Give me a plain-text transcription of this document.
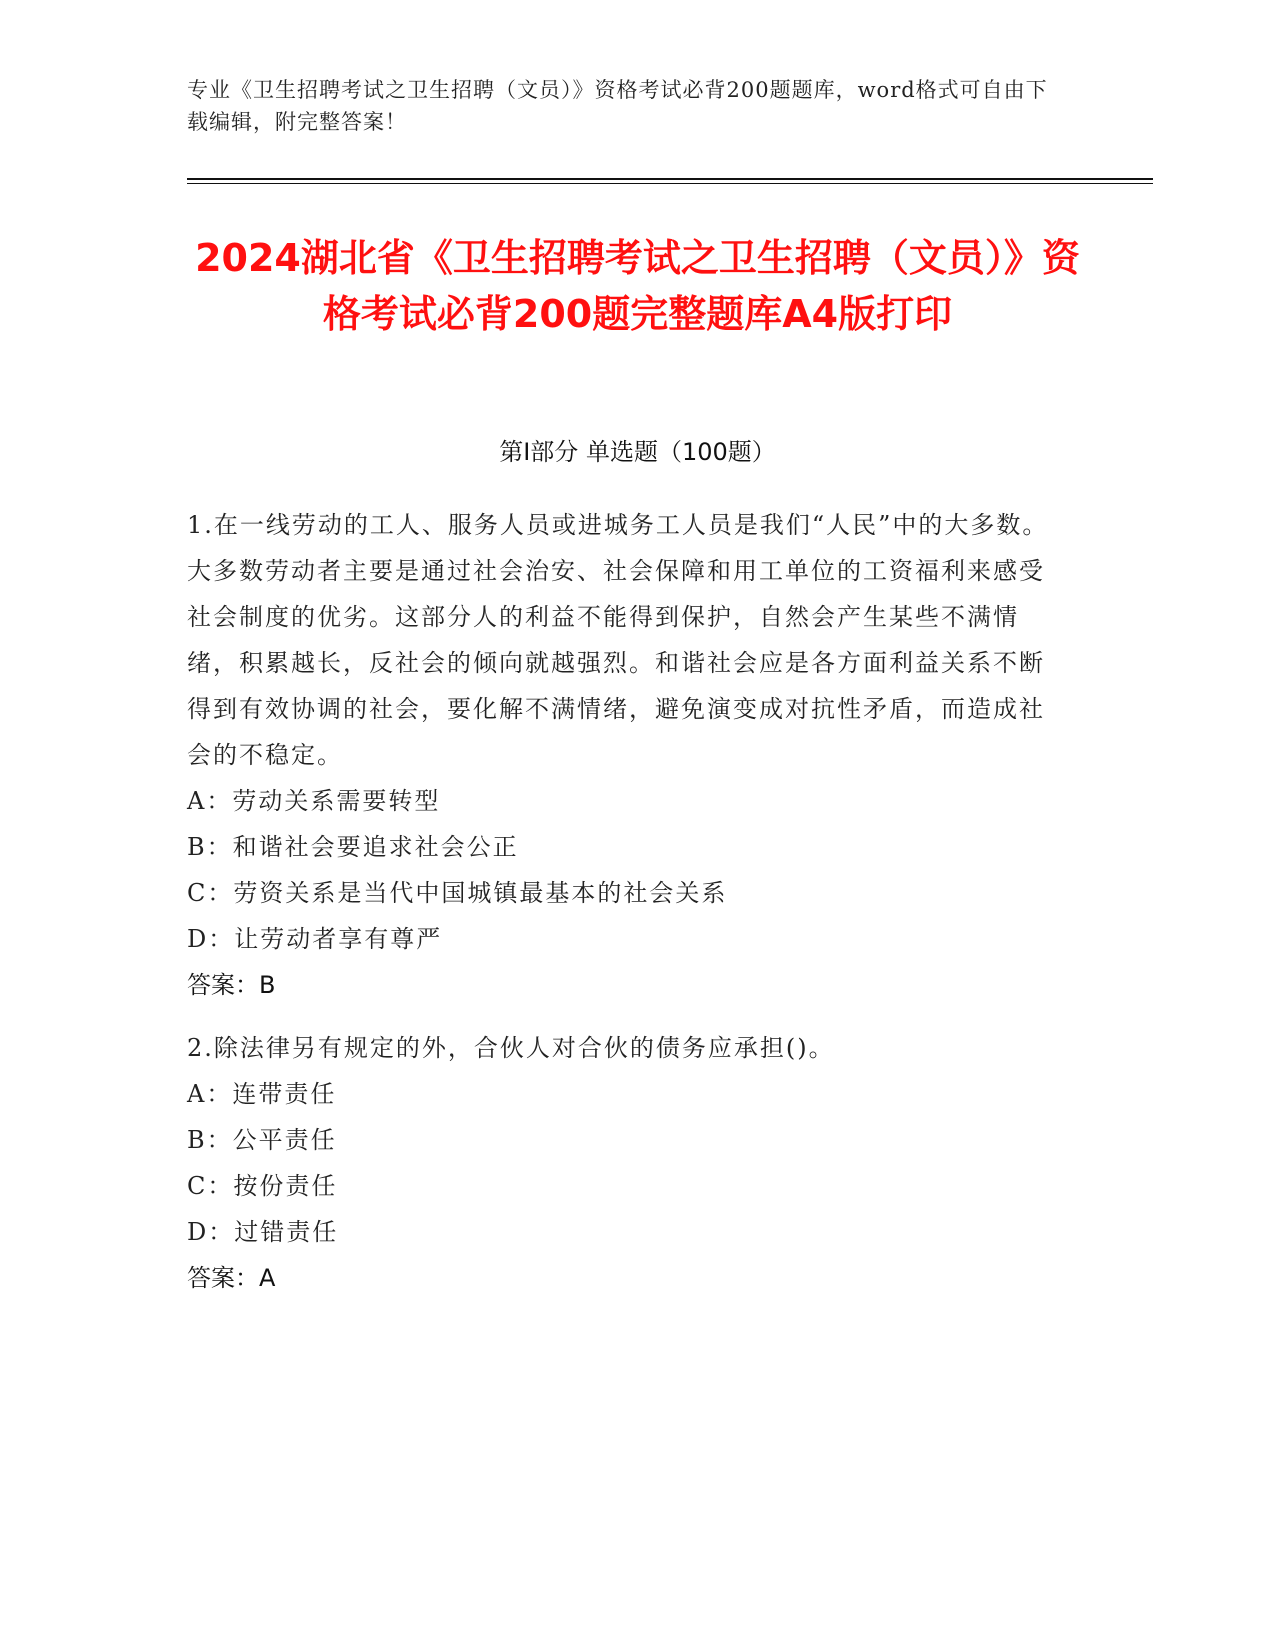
专业《卫生招聘考试之卫生招聘（文员）》资格考试必背200题题库，word格式可自由下载编辑，附完整答案！
2024湖北省《卫生招聘考试之卫生招聘（文员）》资格考试必背200题完整题库A4版打印
第Ⅰ部分 单选题（100题）

1.在一线劳动的工人、服务人员或进城务工人员是我们“人民”中的大多数。大多数劳动者主要是通过社会治安、社会保障和用工单位的工资福利来感受社会制度的优劣。这部分人的利益不能得到保护，自然会产生某些不满情绪，积累越长，反社会的倾向就越强烈。和谐社会应是各方面利益关系不断得到有效协调的社会，要化解不满情绪，避免演变成对抗性矛盾，而造成社会的不稳定。

A：劳动关系需要转型

B：和谐社会要追求社会公正

C：劳资关系是当代中国城镇最基本的社会关系

D：让劳动者享有尊严

答案：B

2.除法律另有规定的外，合伙人对合伙的债务应承担()。

A：连带责任

B：公平责任

C：按份责任

D：过错责任

答案：A
